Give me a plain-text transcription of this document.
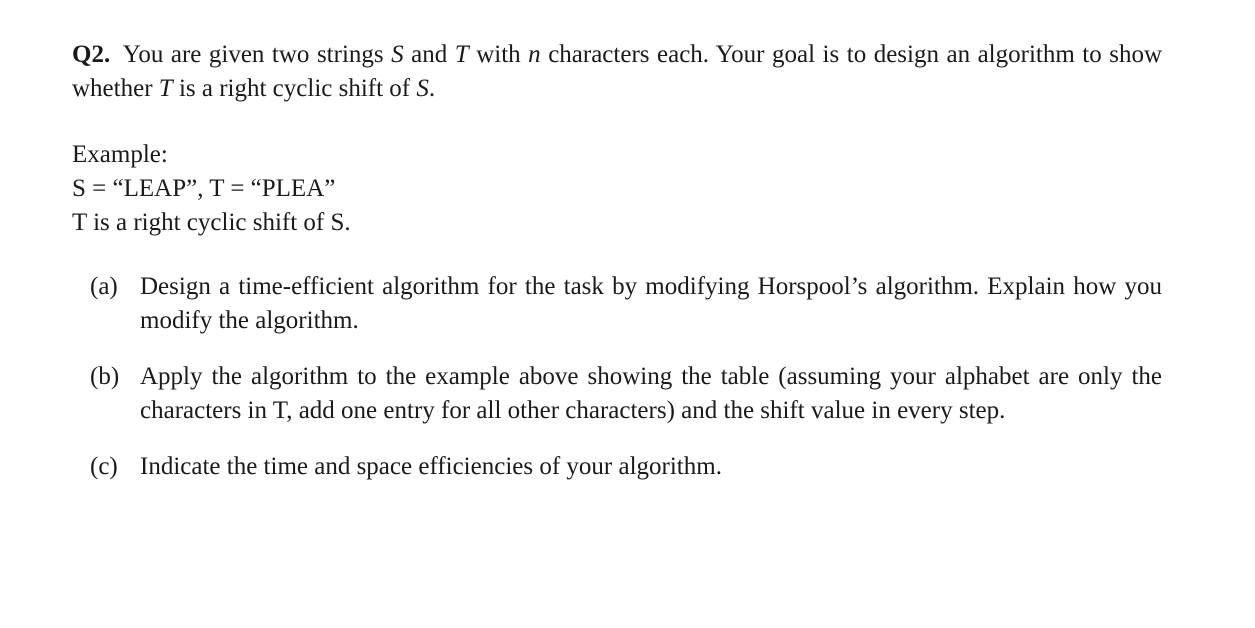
Q2. You are given two strings S and T with n characters each. Your goal is to design an algorithm to show whether T is a right cyclic shift of S.

Example:
S = “LEAP”, T = “PLEA”
T is a right cyclic shift of S.
(a) Design a time-efficient algorithm for the task by modifying Horspool’s algorithm. Explain how you modify the algorithm.
(b) Apply the algorithm to the example above showing the table (assuming your alphabet are only the characters in T, add one entry for all other characters) and the shift value in every step.
(c) Indicate the time and space efficiencies of your algorithm.
